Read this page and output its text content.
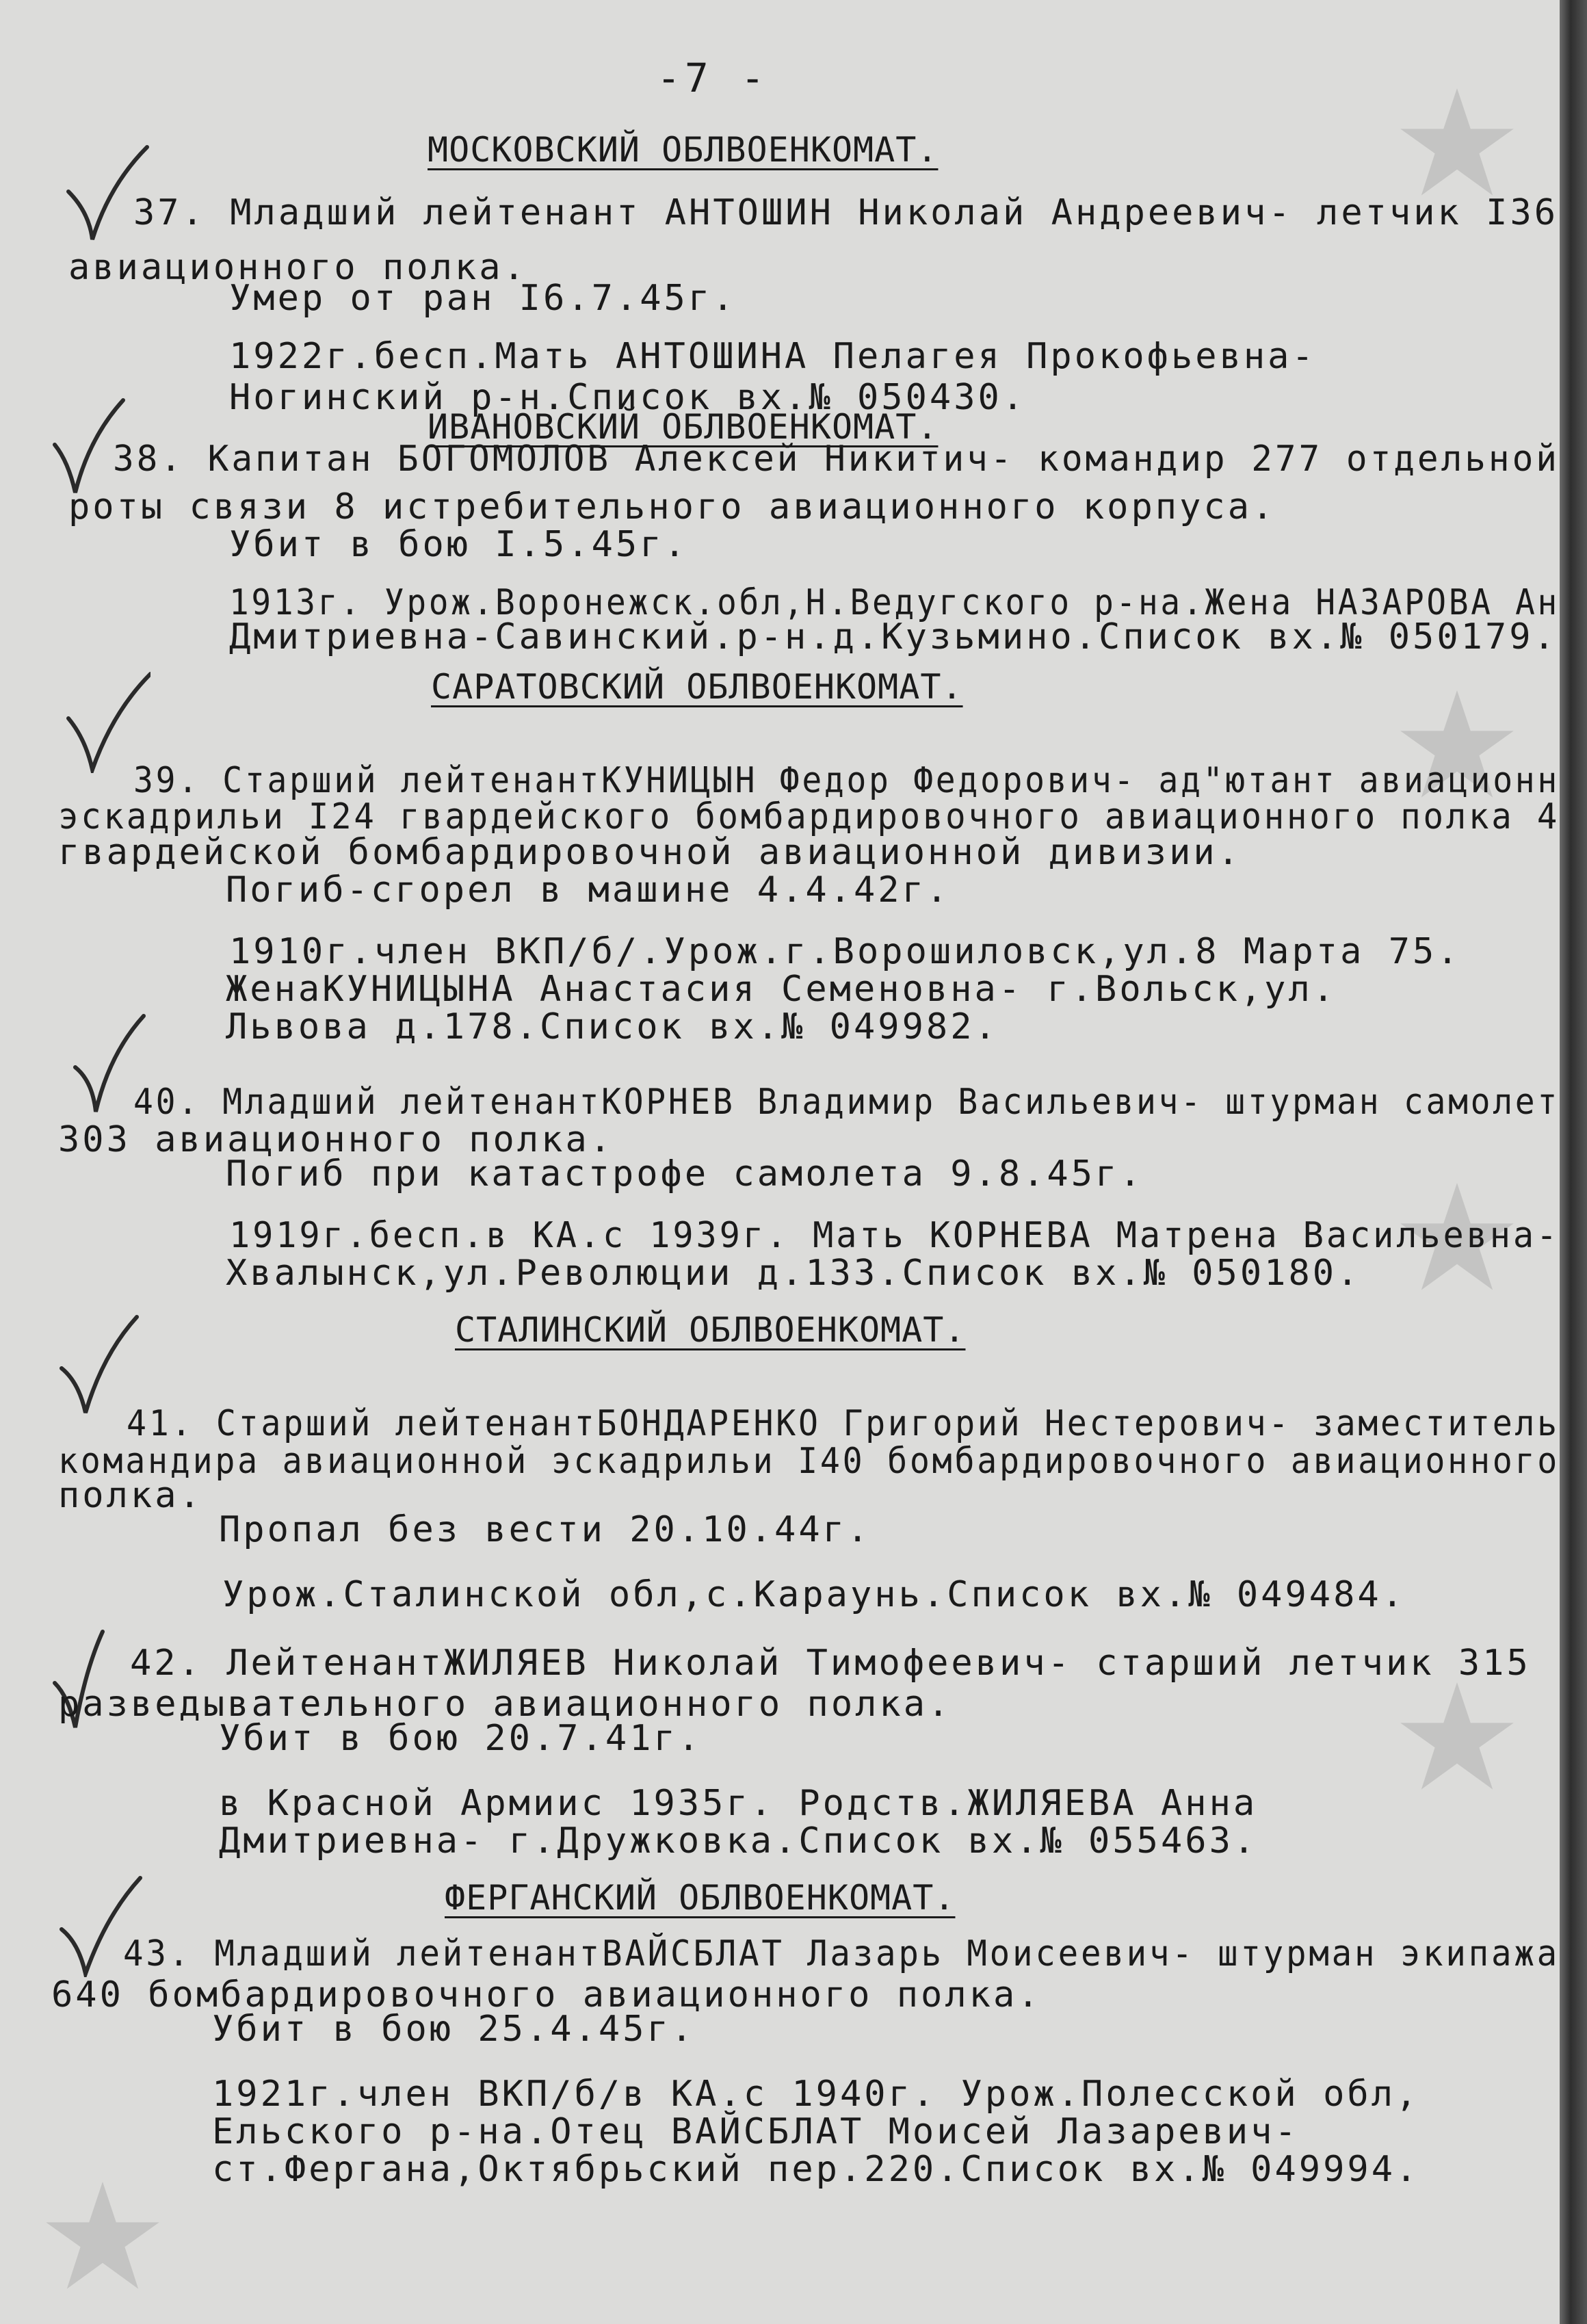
-7 -
МОСКОВСКИЙ ОБЛВОЕНКОМАТ.
37. Младший лейтенант АНТОШИН Николай Андреевич- летчик I36
авиационного полка.
Умер от ран I6.7.45г.
1922г.бесп.Мать АНТОШИНА Пелагея Прокофьевна-
Ногинский р-н.Список вх.№ 050430.
ИВАНОВСКИЙ ОБЛВОЕНКОМАТ.
38. Капитан БОГОМОЛОВ Алексей Никитич- командир 277 отдельной
роты связи 8 истребительного авиационного корпуса.
Убит в бою I.5.45г.
1913г. Урож.Воронежск.обл,Н.Ведугского р-на.Жена НАЗАРОВА Ан
Дмитриевна-Савинский.р-н.д.Кузьмино.Список вх.№ 050179.
САРАТОВСКИЙ ОБЛВОЕНКОМАТ.
39. Старший лейтенантКУНИЦЫН Федор Федорович- ад"ютант авиационн
эскадрильи I24 гвардейского бомбардировочного авиационного полка 4
гвардейской бомбардировочной авиационной дивизии.
Погиб-сгорел в машине 4.4.42г.
1910г.член ВКП/б/.Урож.г.Ворошиловск,ул.8 Марта 75.
ЖенаКУНИЦЫНА Анастасия Семеновна- г.Вольск,ул.
Львова д.178.Список вх.№ 049982.
40. Младший лейтенантКОРНЕВ Владимир Васильевич- штурман самолет
303 авиационного полка.
Погиб при катастрофе самолета 9.8.45г.
1919г.бесп.в КА.с 1939г. Мать КОРНЕВА Матрена Васильевна-
Хвалынск,ул.Революции д.133.Список вх.№ 050180.
СТАЛИНСКИЙ ОБЛВОЕНКОМАТ.
41. Старший лейтенантБОНДАРЕНКО Григорий Нестерович- заместитель
командира авиационной эскадрильи I40 бомбардировочного авиационного
полка.
Пропал без вести 20.10.44г.
Урож.Сталинской обл,с.Караунь.Список вх.№ 049484.
42. ЛейтенантЖИЛЯЕВ Николай Тимофеевич- старший летчик 315
разведывательного авиационного полка.
Убит в бою 20.7.41г.
в Красной Армиис 1935г. Родств.ЖИЛЯЕВА Анна
Дмитриевна- г.Дружковка.Список вх.№ 055463.
ФЕРГАНСКИЙ ОБЛВОЕНКОМАТ.
43. Младший лейтенантВАЙСБЛАТ Лазарь Моисеевич- штурман экипажа
640 бомбардировочного авиационного полка.
Убит в бою 25.4.45г.
1921г.член ВКП/б/в КА.с 1940г. Урож.Полесской обл,
Ельского р-на.Отец ВАЙСБЛАТ Моисей Лазаревич-
ст.Фергана,Октябрьский пер.220.Список вх.№ 049994.
